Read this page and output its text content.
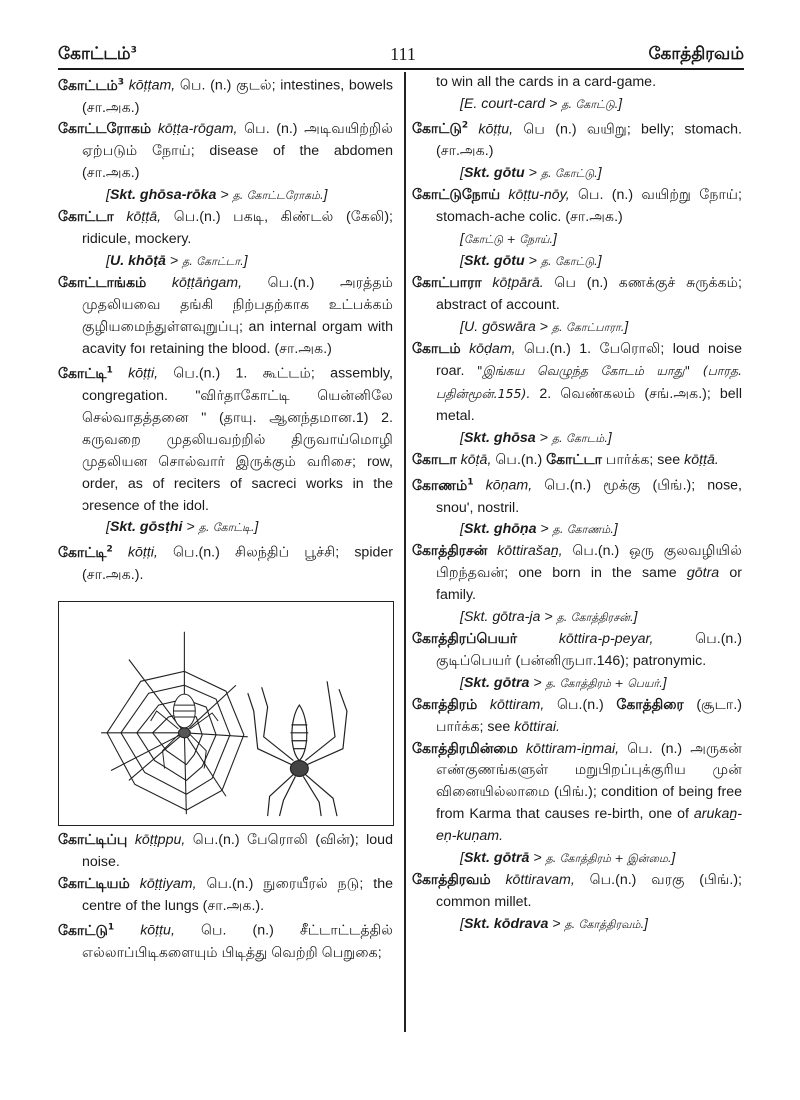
கோட்டம்$^3$	111	கோத்திரவம்

கோட்டம்$^3$ kōṭṭam, பெ. (n.) குடல்; intestines, bowels (சா.அக.)

கோட்டரோகம் kōṭṭa-rōgam, பெ. (n.) அடிவயிற்றில் ஏற்படும் நோய்; disease of the abdomen (சா.அக.)

[Skt. ghōsa-rōka > த. கோட்டரோகம்.]

கோட்டா kōṭṭā, பெ.(n.) பகடி, கிண்டல் (கேலி); ridicule, mockery.

[U. khōṭā > த. கோட்டா.]

கோட்டாங்கம் kōṭṭāṅgam, பெ.(n.) அரத்தம் முதலியவை தங்கி நிற்பதற்காக உட்பக்கம் குழியமைந்துள்ளவுறுப்பு; an internal orgam with acavity foı retaining the blood. (சா.அக.)

கோட்டி$^1$ kōṭṭi, பெ.(n.) 1. கூட்டம்; assembly, congregation. "விர்தாகோட்டி யென்னிலே செல்வாதத்தனை " (தாயு. ஆனந்தமான.1) 2. கருவறை முதலியவற்றில் திருவாய்மொழி முதலியன சொல்வார் இருக்கும் வரிசை; row, order, as of reciters of sacreci works in the ɔresence of the idol.

[Skt. gōsṭhi > த. கோட்டி.]

கோட்டி$^2$ kōṭṭi, பெ.(n.) சிலந்திப் பூச்சி; spider (சா.அக.).

கோட்டிப்பு kōṭṭppu, பெ.(n.) பேரொலி (வின்); loud noise.

கோட்டியம் kōṭṭiyam, பெ.(n.) நுரையீரல் நடு; the centre of the lungs (சா.அக.).

கோட்டு$^1$ kōṭṭu, பெ. (n.) சீட்டாட்டத்தில் எல்லாப்பிடிகளையும் பிடித்து வெற்றி பெறுகை;

to win all the cards in a card-game.

[E. court-card > த. கோட்டு.]

கோட்டு$^2$ kōṭṭu, பெ (n.) வயிறு; belly; stomach. (சா.அக.)

[Skt. gōtu > த. கோட்டு.]

கோட்டுநோய் kōṭṭu-nōy, பெ. (n.) வயிற்று நோய்; stomach-ache colic. (சா.அக.)

[கோட்டு + நோய்.]

[Skt. gōtu > த. கோட்டு.]

கோட்பாரா kōṭpārā. பெ (n.) கணக்குச் சுருக்கம்; abstract of account.

[U. gōswāra > த. கோட்பாரா.]

கோடம் kōḍam, பெ.(n.) 1. பேரொலி; loud noise roar. "இங்கய வெழுந்த கோடம் யாது" (பாரத. பதின்மூன்.155). 2. வெண்கலம் (சங்.அக.); bell metal.

[Skt. ghōsa > த. கோடம்.]

கோடா kōṭā, பெ.(n.) கோட்டா பார்க்க; see kōṭṭā.

கோணம்$^1$ kōṇam, பெ.(n.) மூக்கு (பிங்.); nose, snou', nostril.

[Skt. ghōṇa > த. கோணம்.]

கோத்திரசன் kōttirašaṉ, பெ.(n.) ஒரு குலவழியில் பிறந்தவன்; one born in the same gōtra or family.

[Skt. gōtra-ja > த. கோத்திரசன்.]

கோத்திரப்பெயர்	kōttira-p-peyar,	பெ.(n.) குடிப்பெயர் (பன்னிருபா.146); patronymic.

[Skt. gōtra > த. கோத்திரம் + பெயர்.]

கோத்திரம் kōttiram, பெ.(n.) கோத்திரை (சூடா.) பார்க்க; see kōttirai.

கோத்திரமின்மை kōttiram-iṉmai, பெ. (n.) அருகன் எண்குணங்களுள் மறுபிறப்புக்குரிய முன் வினையில்லாமை (பிங்.); condition of being free from Karma that causes re-birth, one of arukaṉ-eṇ-kuṇam.

[Skt. gōtrā > த. கோத்திரம் + இன்மை.]

கோத்திரவம் kōttiravam, பெ.(n.) வரகு (பிங்.); common millet.

[Skt. kōdrava > த. கோத்திரவம்.]
